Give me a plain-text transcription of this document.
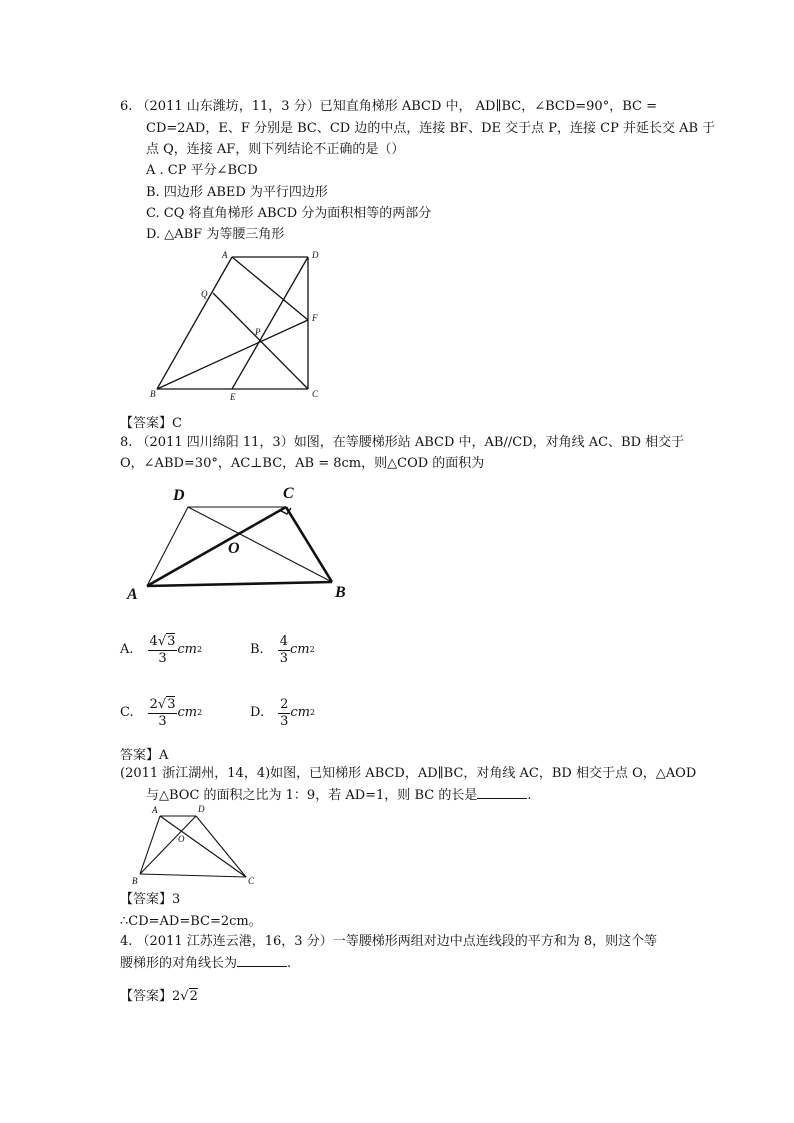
6. （2011 山东潍坊，11，3 分）已知直角梯形 ABCD 中， AD∥BC，∠BCD=90°，BC =
CD=2AD，E、F 分别是 BC、CD 边的中点，连接 BF、DE 交于点 P，连接 CP 并延长交 AB 于
点 Q，连接 AF，则下列结论不正确的是（）
A . CP 平分∠BCD
B. 四边形 ABED 为平行四边形
C. CQ 将直角梯形 ABCD 分为面积相等的两部分
D. △ABF 为等腰三角形
A	D
Q
F
P
B	E	C
【答案】C
8. （2011 四川绵阳 11，3）如图，在等腰梯形站 ABCD 中，AB//CD，对角线 AC、BD 相交于
O，∠ABD=30°，AC⊥BC，AB = 8cm，则△COD 的面积为
D	C
O
A	B
A. $\frac{4√3}{3}$ cm 2	B. $\frac{4}{3}$ cm 2
C. $\frac{2√3}{3}$ cm 2	D. $\frac{2}{3}$ cm 2
答案】A
(2011 浙江湖州，14，4)如图，已知梯形 ABCD，AD∥BC，对角线 AC，BD 相交于点 O，△AOD
与△BOC 的面积之比为 1：9，若 AD=1，则 BC 的长是	.
A	D
O
B	C
【答案】3
∴CD=AD=BC=2cm。
4. （2011 江苏连云港，16，3 分）一等腰梯形两组对边中点连线段的平方和为 8，则这个等
腰梯形的对角线长为	.
【答案】2√2
